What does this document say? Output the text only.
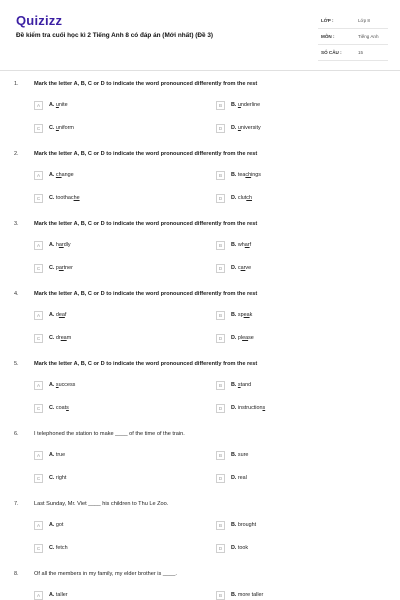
Quizizz
Đề kiểm tra cuối học kì 2 Tiếng Anh 8 có đáp án (Mới nhất) (Đề 3)
LỚP :	Lớp 8
MÔN :	Tiếng Anh
SỐ CÂU :	15
1.	Mark the letter A, B, C or D to indicate the word pronounced differently from the rest
A	A. unite	B	B. underline
C	C. uniform	D	D. university
2.	Mark the letter A, B, C or D to indicate the word pronounced differently from the rest
A	A. change	B	B. teachings
C	C. toothache	D	D. clutch
3.	Mark the letter A, B, C or D to indicate the word pronounced differently from the rest
A	A. hardly	B	B. wharf
C	C. partner	D	D. carve
4.	Mark the letter A, B, C or D to indicate the word pronounced differently from the rest
A	A. deaf	B	B. speak
C	C. dream	D	D. please
5.	Mark the letter A, B, C or D to indicate the word pronounced differently from the rest
A	A. success	B	B. stand
C	C. coats	D	D. instructions
6.	I telephoned the station to make ____ of the time of the train.
A	A. true	B	B. sure
C	C. right	D	D. real
7.	Last Sunday, Mr. Viet ____ his children to Thu Le Zoo.
A	A. got	B	B. brought
C	C. fetch	D	D. took
8.	Of all the members in my family, my elder brother is ____.
A	A. taller	B	B. more taller
